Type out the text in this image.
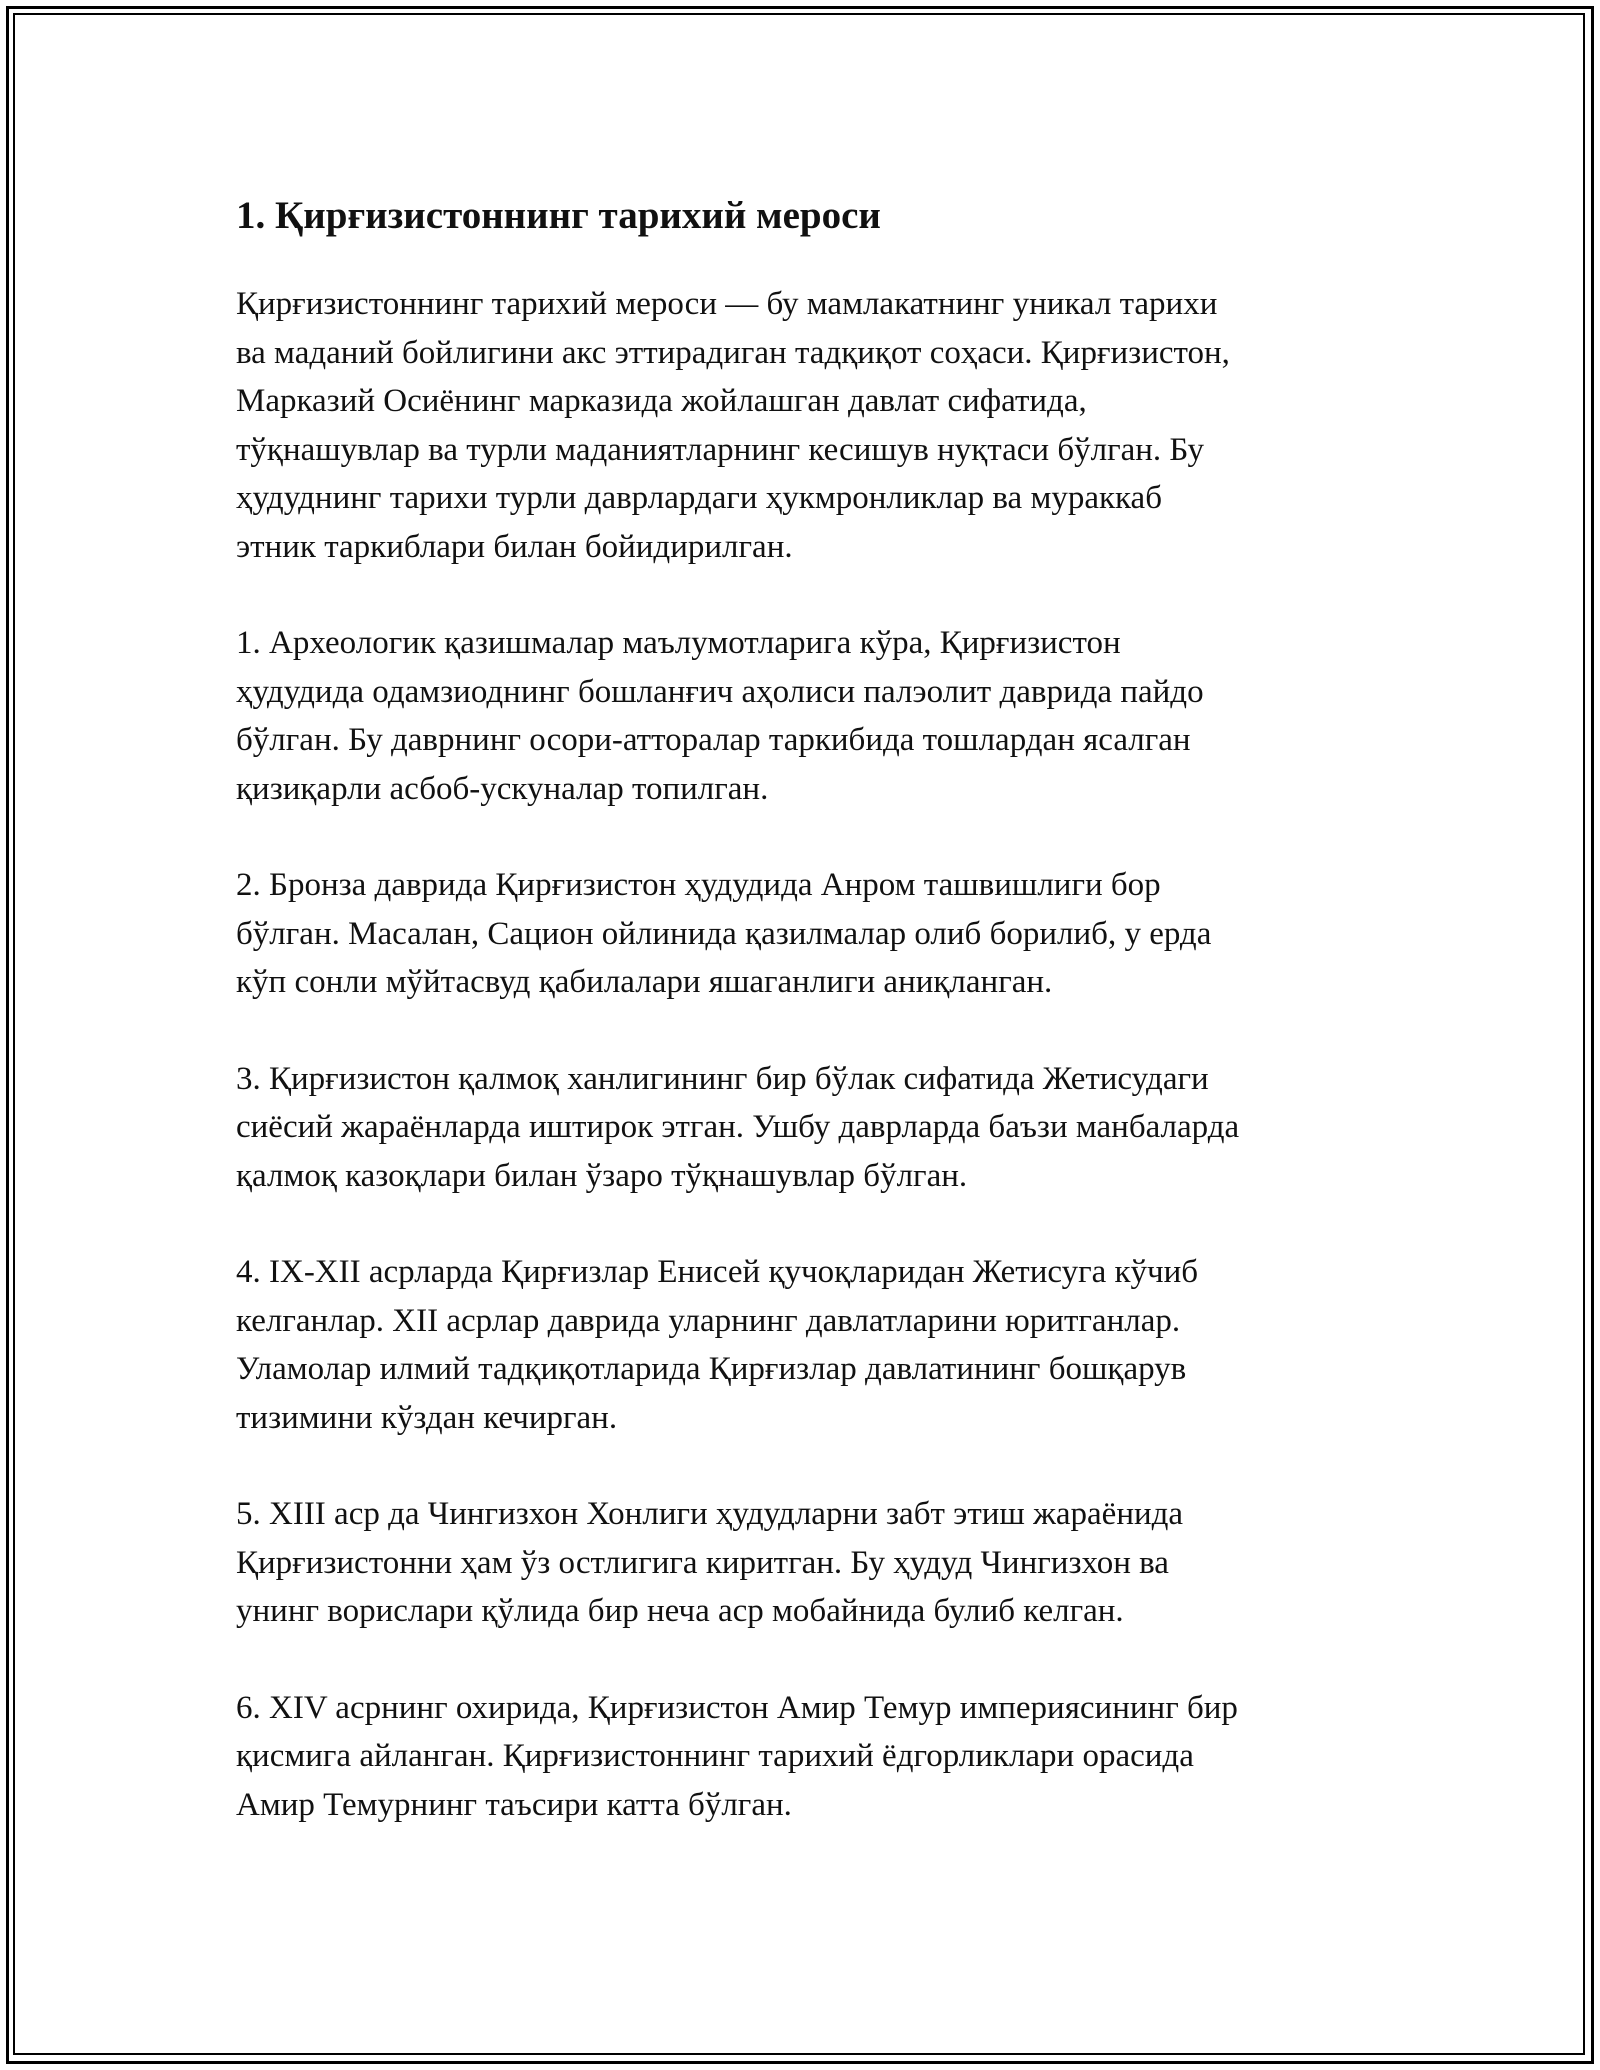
1. Қирғизистоннинг тарихий мероси

Қирғизистоннинг тарихий мероси — бу мамлакатнинг уникал тарихи
ва маданий бойлигини акс эттирадиган тадқиқот соҳаси. Қирғизистон,
Марказий Осиёнинг марказида жойлашган давлат сифатида,
тўқнашувлар ва турли маданиятларнинг кесишув нуқтаси бўлган. Бу
ҳудуднинг тарихи турли даврлардаги ҳукмронликлар ва мураккаб
этник таркиблари билан бойидирилган.

1. Археологик қазишмалар маълумотларига кўра, Қирғизистон
ҳудудида одамзиоднинг бошланғич аҳолиси палэолит даврида пайдо
бўлган. Бу даврнинг осори-атторалар таркибида тошлардан ясалган
қизиқарли асбоб-ускуналар топилган.

2. Бронза даврида Қирғизистон ҳудудида Анром ташвишлиги бор
бўлган. Масалан, Сацион ойлинида қазилмалар олиб борилиб, у ерда
кўп сонли мўйтасвуд қабилалари яшаганлиги аниқланган.

3. Қирғизистон қалмоқ ханлигининг бир бўлак сифатида Жетисудаги
сиёсий жараёнларда иштирок этган. Ушбу даврларда баъзи манбаларда
қалмоқ казоқлари билан ўзаро тўқнашувлар бўлган.

4. IX-XII асрларда Қирғизлар Енисей қучоқларидан Жетисуга кўчиб
келганлар. XII асрлар даврида уларнинг давлатларини юритганлар.
Уламолар илмий тадқиқотларида Қирғизлар давлатининг бошқарув
тизимини кўздан кечирган.

5. XIII аср да Чингизхон Хонлиги ҳудудларни забт этиш жараёнида
Қирғизистонни ҳам ўз остлигига киритган. Бу ҳудуд Чингизхон ва
унинг ворислари қўлида бир неча аср мобайнида булиб келган.

6. XIV асрнинг охирида, Қирғизистон Амир Темур империясининг бир
қисмига айланган. Қирғизистоннинг тарихий ёдгорликлари орасида
Амир Темурнинг таъсири катта бўлган.
